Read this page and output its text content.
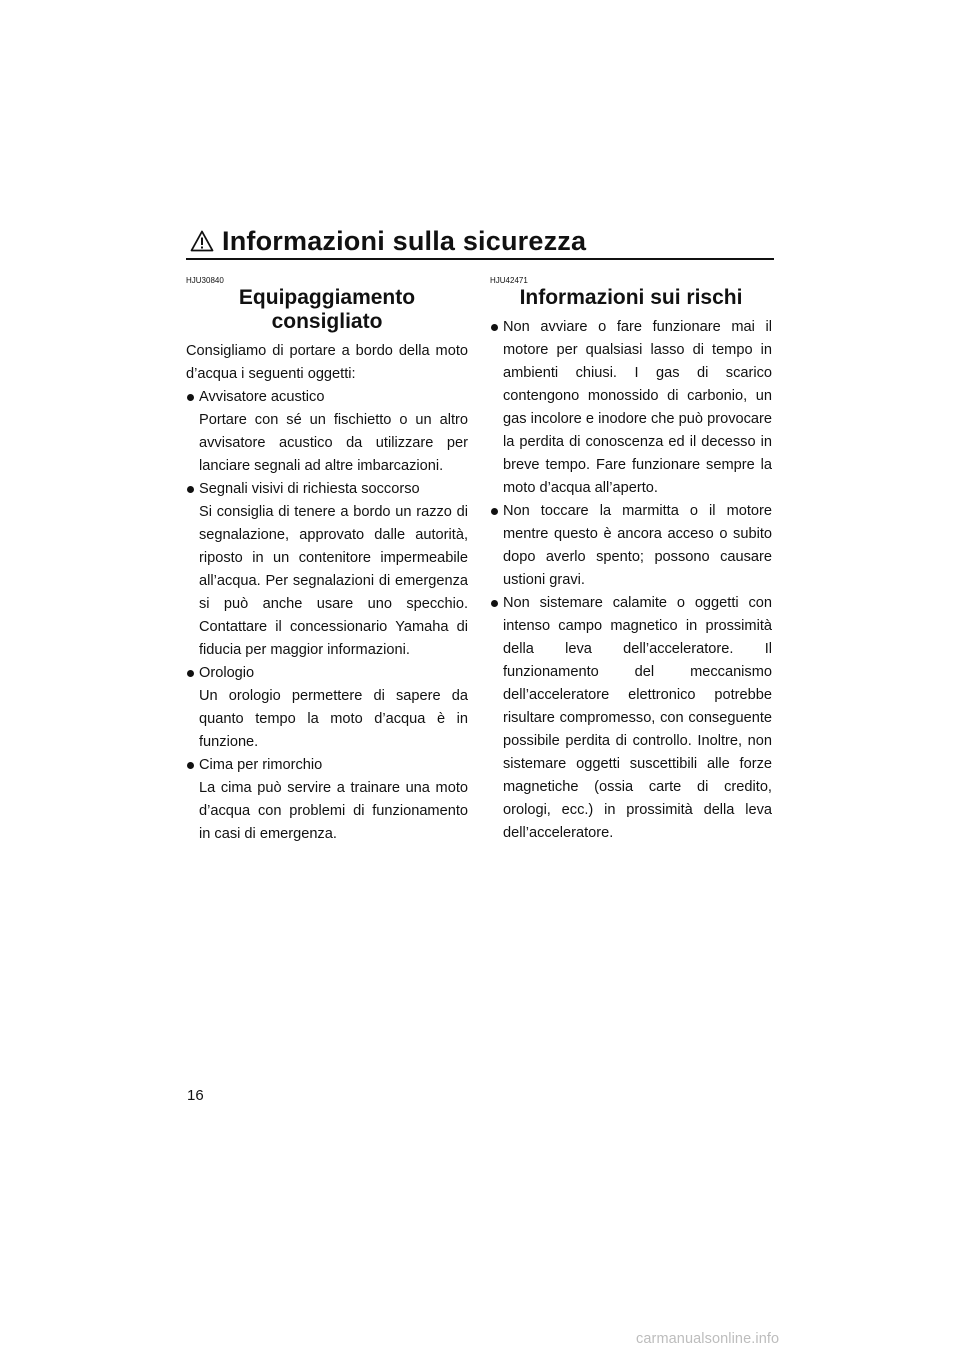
Informazioni sulla sicurezza
HJU30840
Equipaggiamento consigliato

Consigliamo di portare a bordo della moto d’acqua i seguenti oggetti:

Avvisatore acustico
Portare con sé un fischietto o un altro avvisatore acustico da utilizzare per lanciare segnali ad altre imbarcazioni.
Segnali visivi di richiesta soccorso
Si consiglia di tenere a bordo un razzo di segnalazione, approvato dalle autorità, riposto in un contenitore impermeabile all’acqua. Per segnalazioni di emergenza si può anche usare uno specchio. Contattare il concessionario Yamaha di fiducia per maggior informazioni.
Orologio
Un orologio permettere di sapere da quanto tempo la moto d’acqua è in funzione.
Cima per rimorchio
La cima può servire a trainare una moto d’acqua con problemi di funzionamento in casi di emergenza.
HJU42471
Informazioni sui rischi
Non avviare o fare funzionare mai il motore per qualsiasi lasso di tempo in ambienti chiusi. I gas di scarico contengono monossido di carbonio, un gas incolore e inodore che può provocare la perdita di conoscenza ed il decesso in breve tempo. Fare funzionare sempre la moto d’acqua all’aperto.
Non toccare la marmitta o il motore mentre questo è ancora acceso o subito dopo averlo spento; possono causare ustioni gravi.
Non sistemare calamite o oggetti con intenso campo magnetico in prossimità della leva dell’acceleratore. Il funzionamento del meccanismo dell’acceleratore elettronico potrebbe risultare compromesso, con conseguente possibile perdita di controllo. Inoltre, non sistemare oggetti suscettibili alle forze magnetiche (ossia carte di credito, orologi, ecc.) in prossimità della leva dell’acceleratore.
16
carmanualsonline.info
